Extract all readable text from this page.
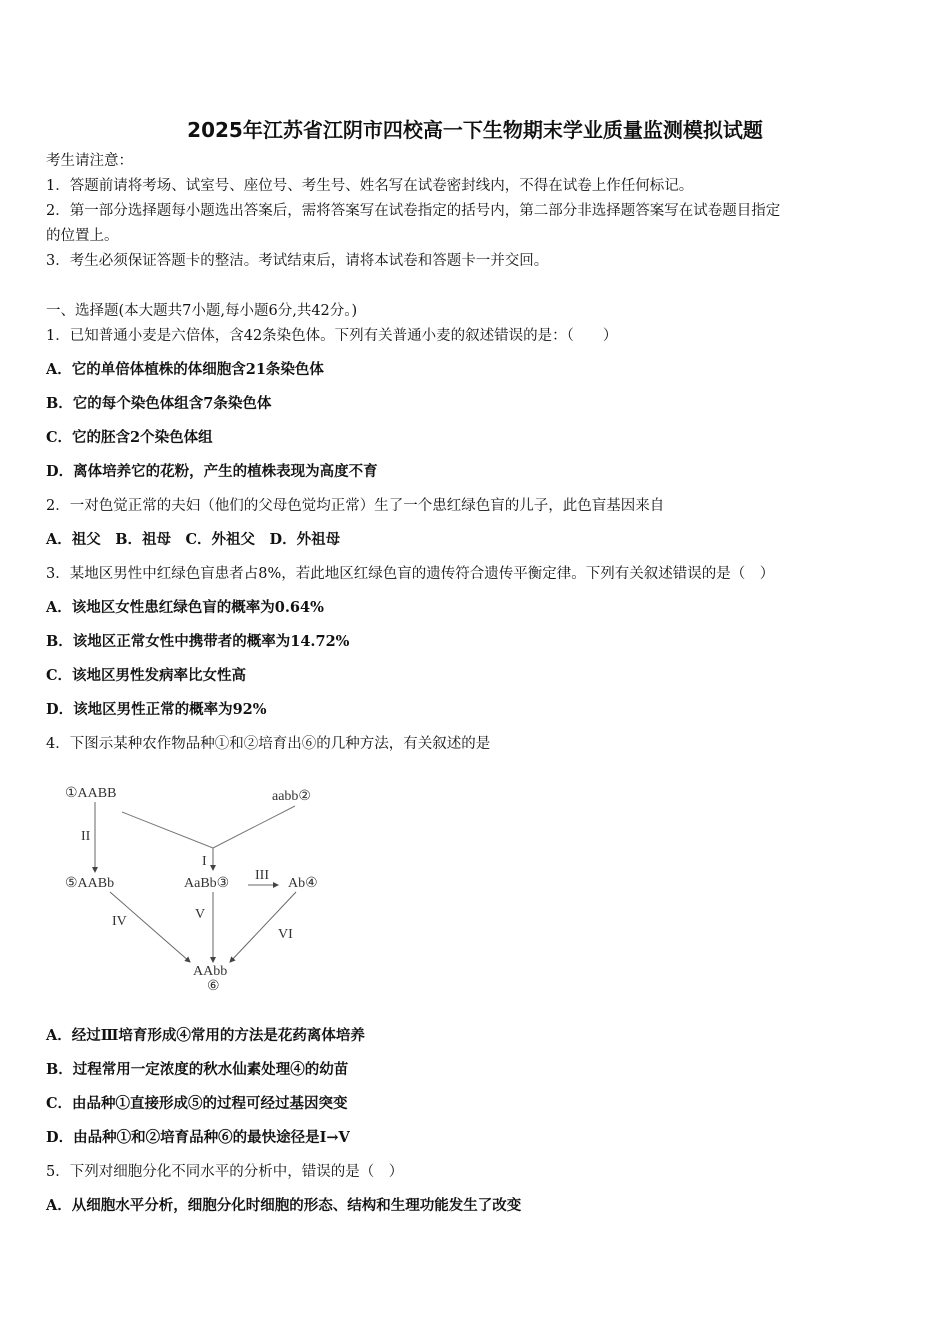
2025年江苏省江阴市四校高一下生物期末学业质量监测模拟试题
考生请注意：
1．答题前请将考场、试室号、座位号、考生号、姓名写在试卷密封线内，不得在试卷上作任何标记。
2．第一部分选择题每小题选出答案后，需将答案写在试卷指定的括号内，第二部分非选择题答案写在试卷题目指定
的位置上。
3．考生必须保证答题卡的整洁。考试结束后，请将本试卷和答题卡一并交回。
一、选择题(本大题共7小题,每小题6分,共42分。)
1．已知普通小麦是六倍体，含42条染色体。下列有关普通小麦的叙述错误的是：（　　）
A．它的单倍体植株的体细胞含21条染色体
B．它的每个染色体组含7条染色体
C．它的胚含2个染色体组
D．离体培养它的花粉，产生的植株表现为高度不育
2．一对色觉正常的夫妇（他们的父母色觉均正常）生了一个患红绿色盲的儿子，此色盲基因来自
A．祖父　B．祖母　C．外祖父　D．外祖母
3．某地区男性中红绿色盲患者占8%，若此地区红绿色盲的遗传符合遗传平衡定律。下列有关叙述错误的是（　）
A．该地区女性患红绿色盲的概率为0.64%
B．该地区正常女性中携带者的概率为14.72%
C．该地区男性发病率比女性高
D．该地区男性正常的概率为92%
4．下图示某种农作物品种①和②培育出⑥的几种方法，有关叙述的是
①AABB	aabb②
AaBb③	Ab④
⑤AABb
AAbb
⑥
I
II
III
IV	V
VI
A．经过Ⅲ培育形成④常用的方法是花药离体培养
B．过程常用一定浓度的秋水仙素处理④的幼苗
C．由品种①直接形成⑤的过程可经过基因突变
D．由品种①和②培育品种⑥的最快途径是Ⅰ→Ⅴ
5．下列对细胞分化不同水平的分析中，错误的是（　）
A．从细胞水平分析，细胞分化时细胞的形态、结构和生理功能发生了改变
